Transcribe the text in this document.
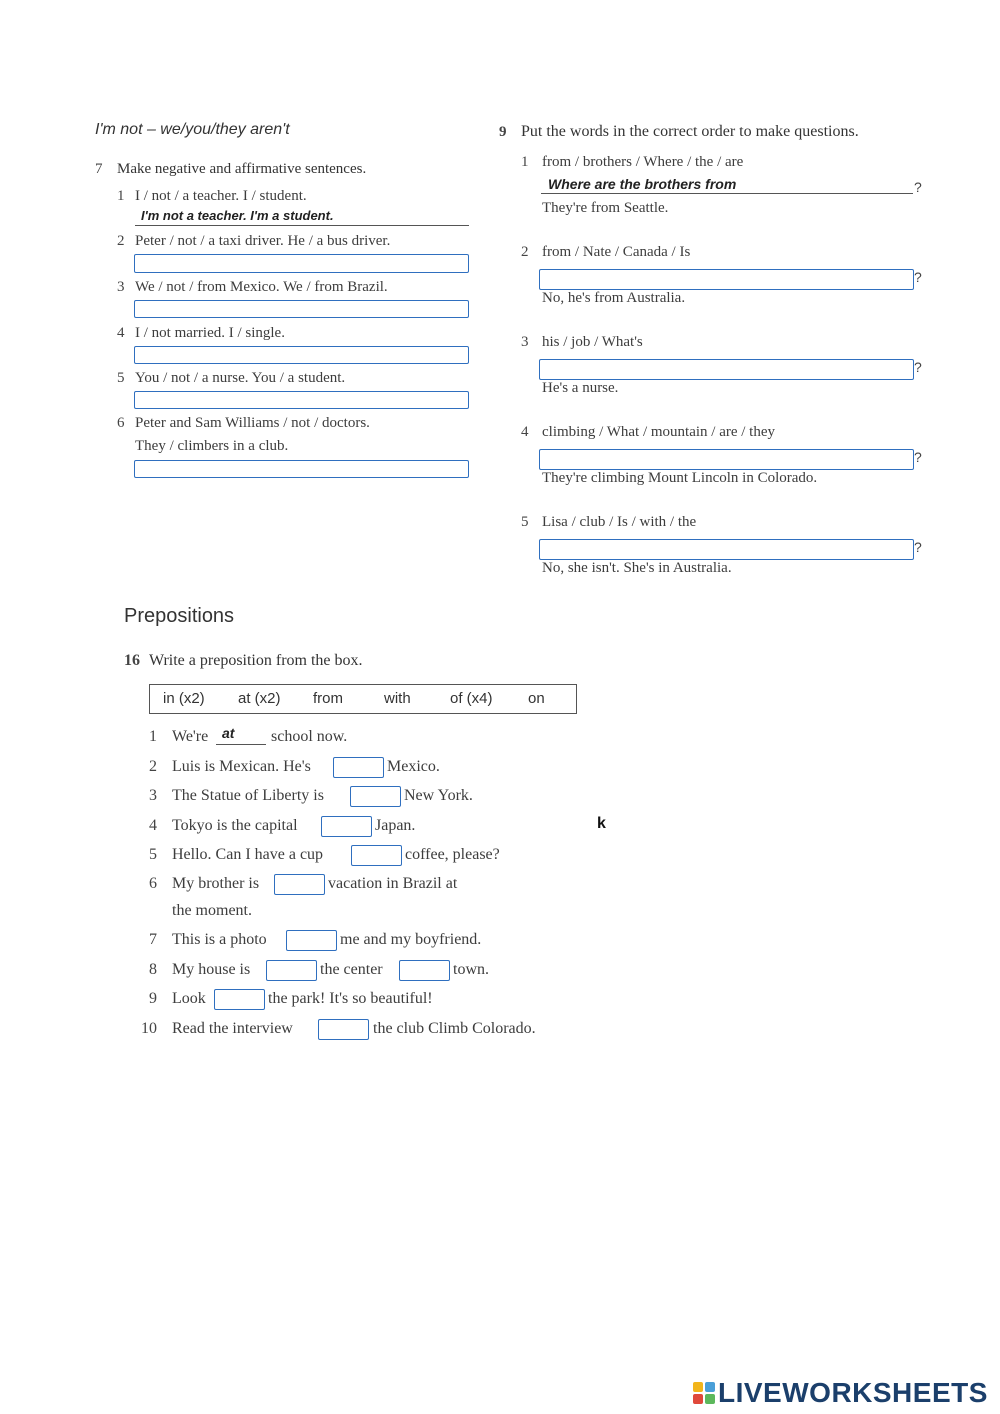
I'm not – we/you/they aren't
7 Make negative and affirmative sentences.
1 I / not / a teacher. I / student.
I'm not a teacher. I'm a student.
2 Peter / not / a taxi driver. He / a bus driver.
3 We / not / from Mexico. We / from Brazil.
4 I / not married. I / single.
5 You / not / a nurse. You / a student.
6 Peter and Sam Williams / not / doctors.
They / climbers in a club.
9 Put the words in the correct order to make questions.
1 from / brothers / Where / the / are
Where are the brothers from	?
They're from Seattle.
2 from / Nate / Canada / Is
?
No, he's from Australia.
3 his / job / What's
?
He's a nurse.
4 climbing / What / mountain / are / they
?
They're climbing Mount Lincoln in Colorado.
5 Lisa / club / Is / with / the
?
No, she isn't. She's in Australia.
Prepositions
16 Write a preposition from the box.
in (x2) at (x2) from	with	of (x4) on
1 We're at school now.
2 Luis is Mexican. He's	Mexico.
3 The Statue of Liberty is	New York.
4 Tokyo is the capital	Japan.
5 Hello. Can I have a cup	coffee, please?
6 My brother is	vacation in Brazil at
the moment.
7 This is a photo	me and my boyfriend.
8 My house is	the center	town.
9 Look	the park! It's so beautiful!
10 Read the interview	the club Climb Colorado.
k
LIVEWORKSHEETS
